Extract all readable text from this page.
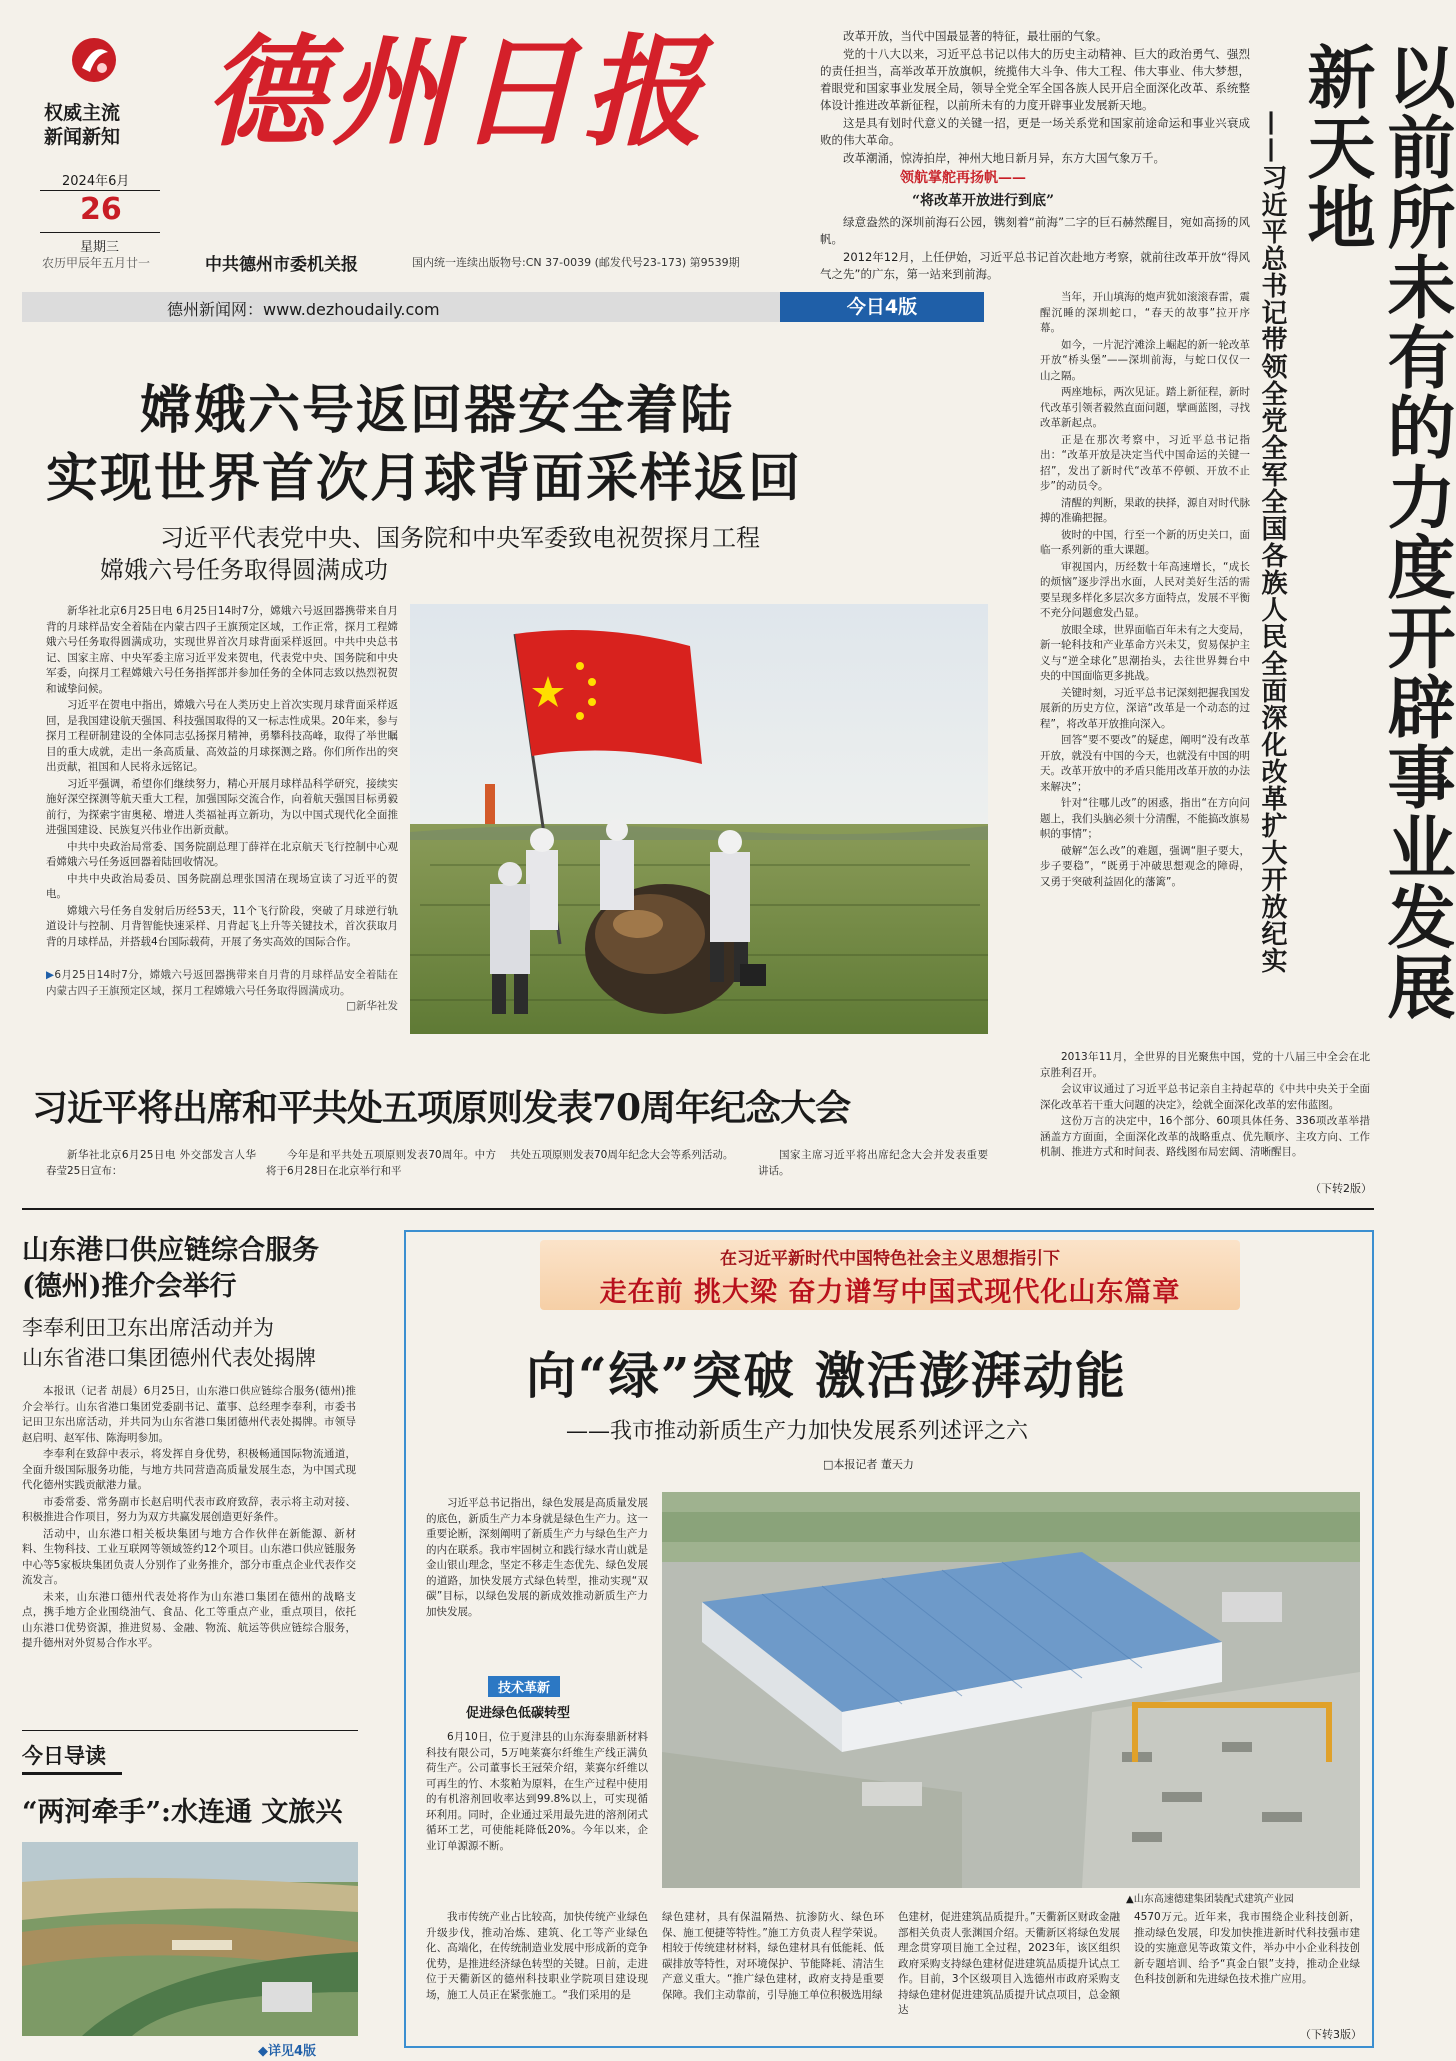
权威主流
新闻新知 德州日报
2024年6月
26
星期三
农历甲辰年五月廿一	中共德州市委机关报	国内统一连续出版物号:CN 37-0039 (邮发代号23-173) 第9539期
德州新闻网：www.dezhoudaily.com	今日4版

改革开放，当代中国最显著的特征，最壮丽的气象。

党的十八大以来，习近平总书记以伟大的历史主动精神、巨大的政治勇气、强烈的责任担当，高举改革开放旗帜，统揽伟大斗争、伟大工程、伟大事业、伟大梦想，着眼党和国家事业发展全局，领导全党全军全国各族人民开启全面深化改革、系统整体设计推进改革新征程，以前所未有的力度开辟事业发展新天地。

这是具有划时代意义的关键一招，更是一场关系党和国家前途命运和事业兴衰成败的伟大革命。

改革潮涌，惊涛拍岸，神州大地日新月异，东方大国气象万千。

领航掌舵再扬帆——
“将改革开放进行到底”

绿意盎然的深圳前海石公园，镌刻着“前海”二字的巨石赫然醒目，宛如高扬的风帆。

2012年12月，上任伊始，习近平总书记首次赴地方考察，就前往改革开放“得风气之先”的广东，第一站来到前海。

当年，开山填海的炮声犹如滚滚春雷，震醒沉睡的深圳蛇口，“春天的故事”拉开序幕。

如今，一片泥泞滩涂上崛起的新一轮改革开放“桥头堡”——深圳前海，与蛇口仅仅一山之隔。

两座地标，两次见证。踏上新征程，新时代改革引领者毅然直面问题，擘画蓝图，寻找改革新起点。

正是在那次考察中，习近平总书记指出：“改革开放是决定当代中国命运的关键一招”，发出了新时代“改革不停顿、开放不止步”的动员令。

清醒的判断，果敢的抉择，源自对时代脉搏的准确把握。

彼时的中国，行至一个新的历史关口，面临一系列新的重大课题。

审视国内，历经数十年高速增长，“成长的烦恼”逐步浮出水面，人民对美好生活的需要呈现多样化多层次多方面特点，发展不平衡不充分问题愈发凸显。

放眼全球，世界面临百年未有之大变局，新一轮科技和产业革命方兴未艾，贸易保护主义与“逆全球化”思潮抬头，去往世界舞台中央的中国面临更多挑战。

关键时刻，习近平总书记深刻把握我国发展新的历史方位，深谙“改革是一个动态的过程”，将改革开放推向深入。

回答“要不要改”的疑虑，阐明“没有改革开放，就没有中国的今天，也就没有中国的明天。改革开放中的矛盾只能用改革开放的办法来解决”；

针对“往哪儿改”的困惑，指出“在方向问题上，我们头脑必须十分清醒，不能搞改旗易帜的事情”；

破解“怎么改”的难题，强调“胆子要大，步子要稳”，“既勇于冲破思想观念的障碍，又勇于突破利益固化的藩篱”。	——习近平总书记带领全党全军全国各族人民全面深化改革扩大开放纪实	以前所未有的力度开辟事业发展新天地

2013年11月，全世界的目光聚焦中国，党的十八届三中全会在北京胜利召开。

会议审议通过了习近平总书记亲自主持起草的《中共中央关于全面深化改革若干重大问题的决定》，绘就全面深化改革的宏伟蓝图。

这份万言的决定中，16个部分、60项具体任务、336项改革举措涵盖方方面面，全面深化改革的战略重点、优先顺序、主攻方向、工作机制、推进方式和时间表、路线图布局宏阔、清晰醒目。

（下转2版）
嫦娥六号返回器安全着陆
实现世界首次月球背面采样返回
习近平代表党中央、国务院和中央军委致电祝贺探月工程
嫦娥六号任务取得圆满成功

新华社北京6月25日电 6月25日14时7分，嫦娥六号返回器携带来自月背的月球样品安全着陆在内蒙古四子王旗预定区域，工作正常，探月工程嫦娥六号任务取得圆满成功，实现世界首次月球背面采样返回。中共中央总书记、国家主席、中央军委主席习近平发来贺电，代表党中央、国务院和中央军委，向探月工程嫦娥六号任务指挥部并参加任务的全体同志致以热烈祝贺和诚挚问候。

习近平在贺电中指出，嫦娥六号在人类历史上首次实现月球背面采样返回，是我国建设航天强国、科技强国取得的又一标志性成果。20年来，参与探月工程研制建设的全体同志弘扬探月精神，勇攀科技高峰，取得了举世瞩目的重大成就，走出一条高质量、高效益的月球探测之路。你们所作出的突出贡献，祖国和人民将永远铭记。

习近平强调，希望你们继续努力，精心开展月球样品科学研究，接续实施好深空探测等航天重大工程，加强国际交流合作，向着航天强国目标勇毅前行，为探索宇宙奥秘、增进人类福祉再立新功，为以中国式现代化全面推进强国建设、民族复兴伟业作出新贡献。

中共中央政治局常委、国务院副总理丁薛祥在北京航天飞行控制中心观看嫦娥六号任务返回器着陆回收情况。

中共中央政治局委员、国务院副总理张国清在现场宣读了习近平的贺电。

嫦娥六号任务自发射后历经53天，11个飞行阶段，突破了月球逆行轨道设计与控制、月背智能快速采样、月背起飞上升等关键技术，首次获取月背的月球样品，并搭载4台国际载荷，开展了务实高效的国际合作。

▶6月25日14时7分，嫦娥六号返回器携带来自月背的月球样品安全着陆在内蒙古四子王旗预定区域，探月工程嫦娥六号任务取得圆满成功。
□新华社发
习近平将出席和平共处五项原则发表70周年纪念大会
新华社北京6月25日电 外交部发言人华春莹25日宣布：
今年是和平共处五项原则发表70周年。中方将于6月28日在北京举行和平
共处五项原则发表70周年纪念大会等系列活动。	国家主席习近平将出席纪念大会并发表重要讲话。
山东港口供应链综合服务
(德州)推介会举行
李奉利田卫东出席活动并为
山东省港口集团德州代表处揭牌

本报讯（记者 胡晨）6月25日，山东港口供应链综合服务(德州)推介会举行。山东省港口集团党委副书记、董事、总经理李奉利，市委书记田卫东出席活动，并共同为山东省港口集团德州代表处揭牌。市领导赵启明、赵军伟、陈海明参加。

李奉利在致辞中表示，将发挥自身优势，积极畅通国际物流通道，全面升级国际服务功能，与地方共同营造高质量发展生态，为中国式现代化德州实践贡献港力量。

市委常委、常务副市长赵启明代表市政府致辞，表示将主动对接、积极推进合作项目，努力为双方共赢发展创造更好条件。

活动中，山东港口相关板块集团与地方合作伙伴在新能源、新材料、生物科技、工业互联网等领域签约12个项目。山东港口供应链服务中心等5家板块集团负责人分别作了业务推介，部分市重点企业代表作交流发言。

未来，山东港口德州代表处将作为山东港口集团在德州的战略支点，携手地方企业围绕油气、食品、化工等重点产业，重点项目，依托山东港口优势资源，推进贸易、金融、物流、航运等供应链综合服务，提升德州对外贸易合作水平。

今日导读
“两河牵手”:水连通 文旅兴
◆详见4版
在习近平新时代中国特色社会主义思想指引下
走在前 挑大梁 奋力谱写中国式现代化山东篇章
向“绿”突破 激活澎湃动能
——我市推动新质生产力加快发展系列述评之六
□本报记者 董天力
习近平总书记指出，绿色发展是高质量发展的底色，新质生产力本身就是绿色生产力。这一重要论断，深刻阐明了新质生产力与绿色生产力的内在联系。我市牢固树立和践行绿水青山就是金山银山理念，坚定不移走生态优先、绿色发展的道路，加快发展方式绿色转型，推动实现“双碳”目标，以绿色发展的新成效推动新质生产力加快发展。
技术革新
促进绿色低碳转型
6月10日，位于夏津县的山东海泰鼎新材料科技有限公司，5万吨莱赛尔纤维生产线正满负荷生产。公司董事长王冠荣介绍，莱赛尔纤维以可再生的竹、木浆粕为原料，在生产过程中使用的有机溶剂回收率达到99.8%以上，可实现循环利用。同时，企业通过采用最先进的溶剂闭式循环工艺，可使能耗降低20%。今年以来，企业订单源源不断。
▲山东高速德建集团装配式建筑产业园
我市传统产业占比较高，加快传统产业绿色升级步伐，推动冶炼、建筑、化工等产业绿色化、高端化，在传统制造业发展中形成新的竞争优势，是推进经济绿色转型的关键。日前，走进位于天衢新区的德州科技职业学院项目建设现场，施工人员正在紧张施工。“我们采用的是
绿色建材，具有保温隔热、抗渗防火、绿色环保、施工便捷等特性。”施工方负责人程学荣说。相较于传统建材材料，绿色建材具有低能耗、低碳排放等特性，对环境保护、节能降耗、清洁生产意义重大。“推广绿色建材，政府支持是重要保障。我们主动靠前，引导施工单位积极选用绿
色建材，促进建筑品质提升。”天衢新区财政金融部相关负责人张渊国介绍。天衢新区将绿色发展理念贯穿项目施工全过程，2023年，该区组织政府采购支持绿色建材促进建筑品质提升试点工作。目前，3个区级项目入选德州市政府采购支持绿色建材促进建筑品质提升试点项目，总金额达
4570万元。近年来，我市围绕企业科技创新，推动绿色发展，印发加快推进新时代科技强市建设的实施意见等政策文件，举办中小企业科技创新专题培训、给予“真金白银”支持，推动企业绿色科技创新和先进绿色技术推广应用。
（下转3版）
